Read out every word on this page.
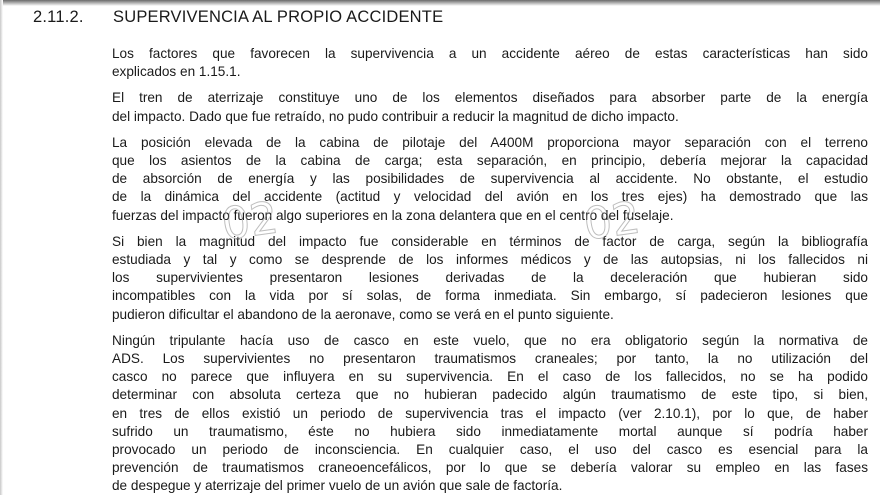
2.11.2. SUPERVIVENCIA AL PROPIO ACCIDENTE
Los factores que favorecen la supervivencia a un accidente aéreo de estas características han sido
explicados en 1.15.1.
El tren de aterrizaje constituye uno de los elementos diseñados para absorber parte de la energía
del impacto. Dado que fue retraído, no pudo contribuir a reducir la magnitud de dicho impacto.
La posición elevada de la cabina de pilotaje del A400M proporciona mayor separación con el terreno
que los asientos de la cabina de carga; esta separación, en principio, debería mejorar la capacidad
de absorción de energía y las posibilidades de supervivencia al accidente. No obstante, el estudio
de la dinámica del accidente (actitud y velocidad del avión en los tres ejes) ha demostrado que las
fuerzas del impacto fueron algo superiores en la zona delantera que en el centro del fuselaje.
Si bien la magnitud del impacto fue considerable en términos de factor de carga, según la bibliografía
estudiada y tal y como se desprende de los informes médicos y de las autopsias, ni los fallecidos ni
los supervivientes presentaron lesiones derivadas de la deceleración que hubieran sido
incompatibles con la vida por sí solas, de forma inmediata. Sin embargo, sí padecieron lesiones que
pudieron dificultar el abandono de la aeronave, como se verá en el punto siguiente.
Ningún tripulante hacía uso de casco en este vuelo, que no era obligatorio según la normativa de
ADS. Los supervivientes no presentaron traumatismos craneales; por tanto, la no utilización del
casco no parece que influyera en su supervivencia. En el caso de los fallecidos, no se ha podido
determinar con absoluta certeza que no hubieran padecido algún traumatismo de este tipo, si bien,
en tres de ellos existió un periodo de supervivencia tras el impacto (ver 2.10.1), por lo que, de haber
sufrido un traumatismo, éste no hubiera sido inmediatamente mortal aunque sí podría haber
provocado un periodo de inconsciencia. En cualquier caso, el uso del casco es esencial para la
prevención de traumatismos craneoencefálicos, por lo que se debería valorar su empleo en las fases
de despegue y aterrizaje del primer vuelo de un avión que sale de factoría.
02	02
